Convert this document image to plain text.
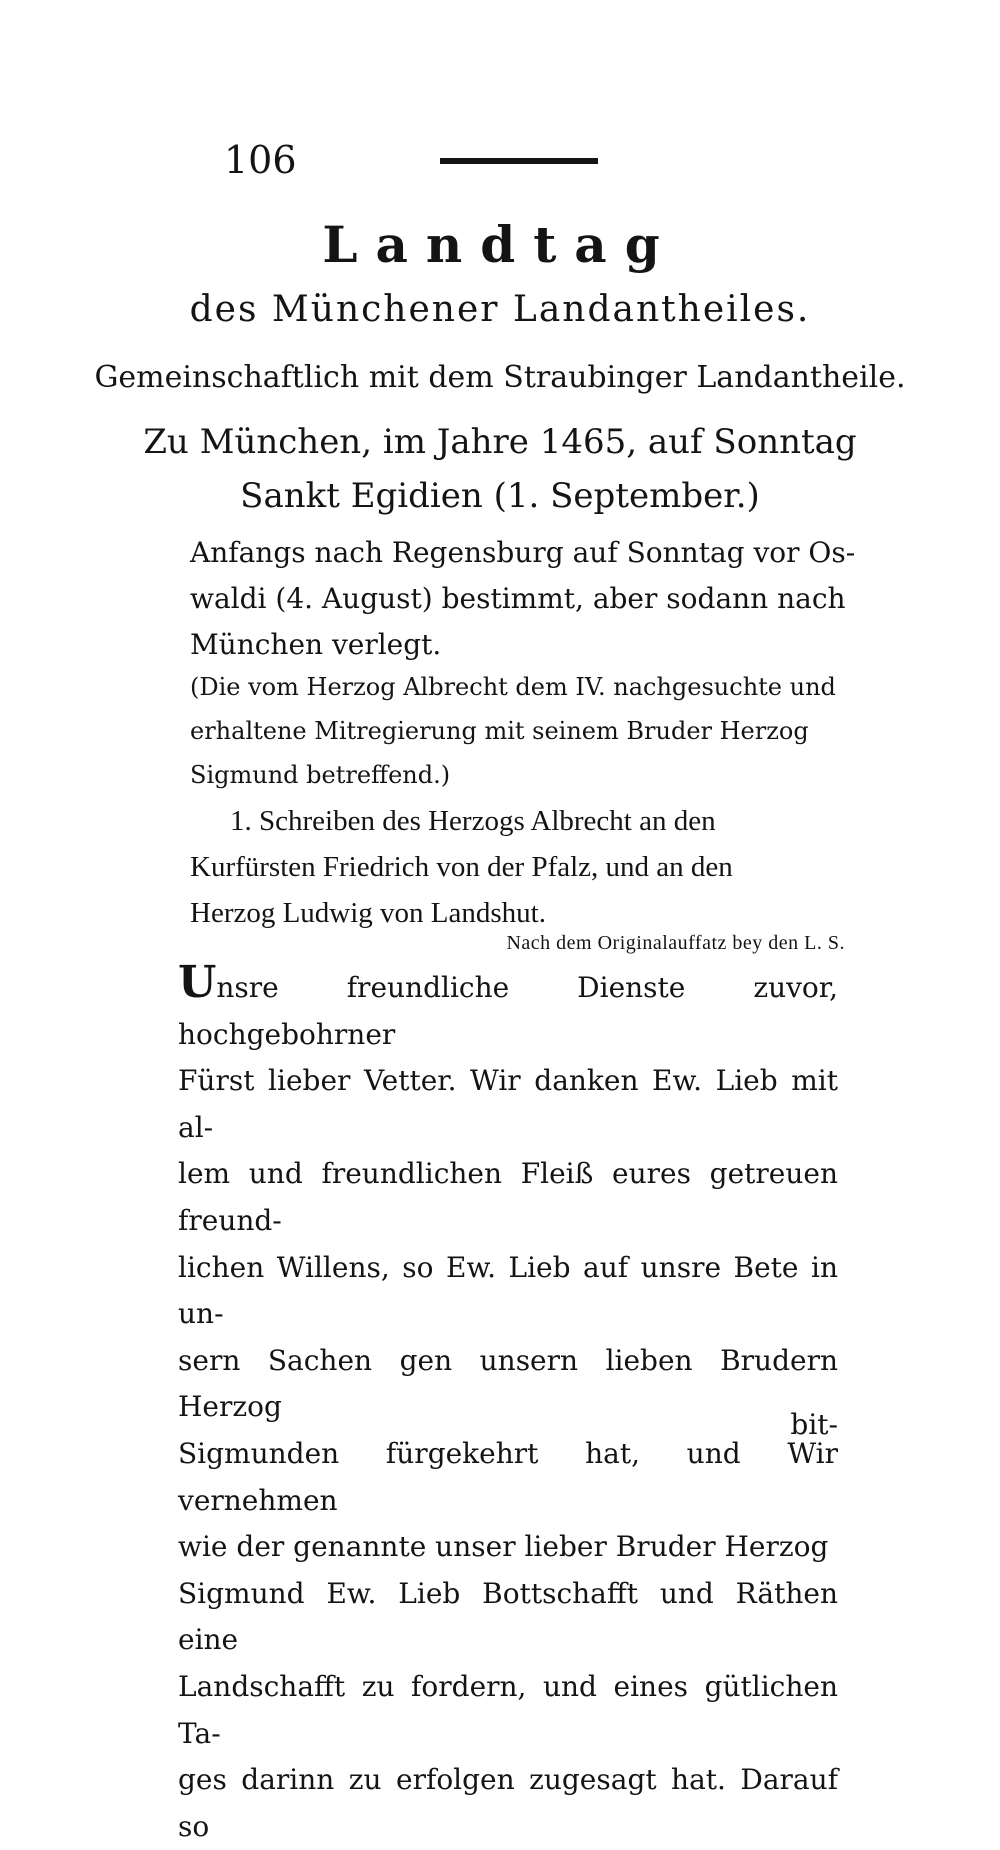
106
Landtag
des Münchener Landantheiles.
Gemeinschaftlich mit dem Straubinger Landantheile.
Zu München, im Jahre 1465, auf Sonntag
Sankt Egidien (1. September.)
Anfangs nach Regensburg auf Sonntag vor Os-
waldi (4. August) bestimmt, aber sodann nach
München verlegt.
(Die vom Herzog Albrecht dem IV. nachgesuchte und
erhaltene Mitregierung mit seinem Bruder Herzog
Sigmund betreffend.)
1. Schreiben des Herzogs Albrecht an den
Kurfürsten Friedrich von der Pfalz, und an den
Herzog Ludwig von Landshut.
Nach dem Originalauffatz bey den L. S.
Unsre freundliche Dienste zuvor, hochgebohrner
Fürst lieber Vetter. Wir danken Ew. Lieb mit al-
lem und freundlichen Fleiß eures getreuen freund-
lichen Willens, so Ew. Lieb auf unsre Bete in un-
sern Sachen gen unsern lieben Brudern Herzog
Sigmunden fürgekehrt hat, und Wir vernehmen
wie der genannte unser lieber Bruder Herzog
Sigmund Ew. Lieb Bottschafft und Räthen eine
Landschafft zu fordern, und eines gütlichen Ta-
ges darinn zu erfolgen zugesagt hat. Darauf so
bit-
